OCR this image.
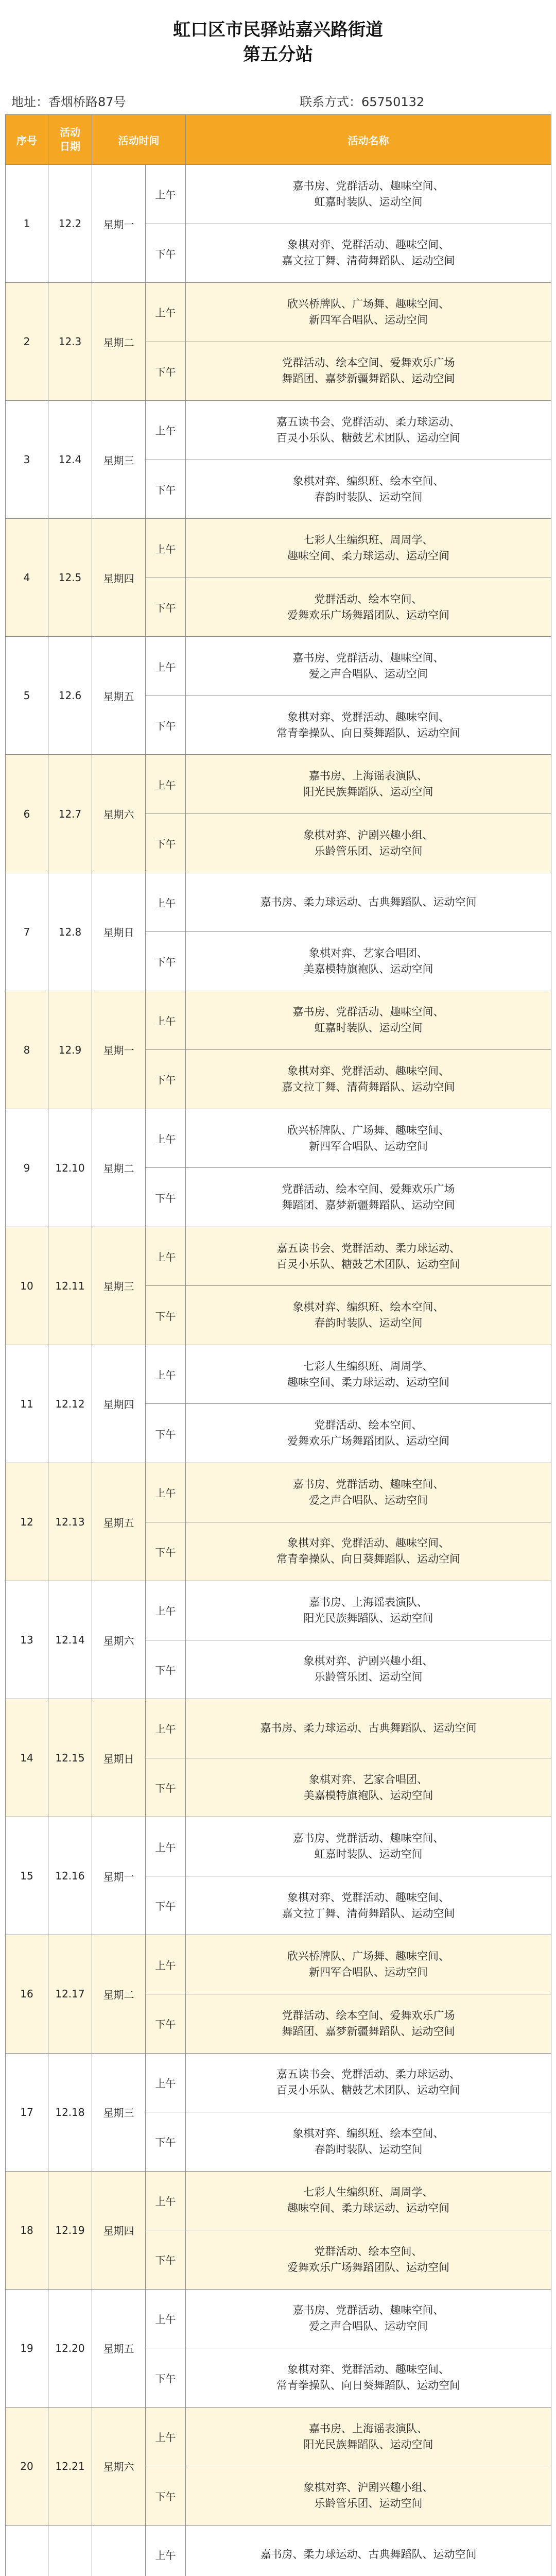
虹口区市民驿站嘉兴路街道
第五分站
地址：香烟桥路87号	联系方式：65750132
序号	活动日期	活动时间		活动名称
1	12.2	星期一	上午	嘉书房、党群活动、趣味空间、
虹嘉时装队、运动空间

			下午	象棋对弈、党群活动、趣味空间、
嘉文拉丁舞、清荷舞蹈队、运动空间

2	12.3	星期二	上午	欣兴桥牌队、广场舞、趣味空间、
新四军合唱队、运动空间

			下午	党群活动、绘本空间、爱舞欢乐广场
舞蹈团、嘉梦新疆舞蹈队、运动空间

3	12.4	星期三	上午	嘉五读书会、党群活动、柔力球运动、
百灵小乐队、糖鼓艺术团队、运动空间

			下午	象棋对弈、编织班、绘本空间、
春韵时装队、运动空间

4	12.5	星期四	上午	七彩人生编织班、周周学、
趣味空间、柔力球运动、运动空间

			下午	党群活动、绘本空间、
爱舞欢乐广场舞蹈团队、运动空间

5	12.6	星期五	上午	嘉书房、党群活动、趣味空间、
爱之声合唱队、运动空间

			下午	象棋对弈、党群活动、趣味空间、
常青拳操队、向日葵舞蹈队、运动空间

6	12.7	星期六	上午	嘉书房、上海谣表演队、
阳光民族舞蹈队、运动空间

			下午	象棋对弈、沪剧兴趣小组、
乐龄管乐团、运动空间

7	12.8	星期日	上午	嘉书房、柔力球运动、古典舞蹈队、运动空间

			下午	象棋对弈、艺家合唱团、
美嘉模特旗袍队、运动空间

8	12.9	星期一	上午	嘉书房、党群活动、趣味空间、
虹嘉时装队、运动空间

			下午	象棋对弈、党群活动、趣味空间、
嘉文拉丁舞、清荷舞蹈队、运动空间

9	12.10	星期二	上午	欣兴桥牌队、广场舞、趣味空间、
新四军合唱队、运动空间

			下午	党群活动、绘本空间、爱舞欢乐广场
舞蹈团、嘉梦新疆舞蹈队、运动空间

10	12.11	星期三	上午	嘉五读书会、党群活动、柔力球运动、
百灵小乐队、糖鼓艺术团队、运动空间

			下午	象棋对弈、编织班、绘本空间、
春韵时装队、运动空间

11	12.12	星期四	上午	七彩人生编织班、周周学、
趣味空间、柔力球运动、运动空间

			下午	党群活动、绘本空间、
爱舞欢乐广场舞蹈团队、运动空间

12	12.13	星期五	上午	嘉书房、党群活动、趣味空间、
爱之声合唱队、运动空间

			下午	象棋对弈、党群活动、趣味空间、
常青拳操队、向日葵舞蹈队、运动空间

13	12.14	星期六	上午	嘉书房、上海谣表演队、
阳光民族舞蹈队、运动空间

			下午	象棋对弈、沪剧兴趣小组、
乐龄管乐团、运动空间

14	12.15	星期日	上午	嘉书房、柔力球运动、古典舞蹈队、运动空间

			下午	象棋对弈、艺家合唱团、
美嘉模特旗袍队、运动空间

15	12.16	星期一	上午	嘉书房、党群活动、趣味空间、
虹嘉时装队、运动空间

			下午	象棋对弈、党群活动、趣味空间、
嘉文拉丁舞、清荷舞蹈队、运动空间

16	12.17	星期二	上午	欣兴桥牌队、广场舞、趣味空间、
新四军合唱队、运动空间

			下午	党群活动、绘本空间、爱舞欢乐广场
舞蹈团、嘉梦新疆舞蹈队、运动空间

17	12.18	星期三	上午	嘉五读书会、党群活动、柔力球运动、
百灵小乐队、糖鼓艺术团队、运动空间

			下午	象棋对弈、编织班、绘本空间、
春韵时装队、运动空间

18	12.19	星期四	上午	七彩人生编织班、周周学、
趣味空间、柔力球运动、运动空间

			下午	党群活动、绘本空间、
爱舞欢乐广场舞蹈团队、运动空间

19	12.20	星期五	上午	嘉书房、党群活动、趣味空间、
爱之声合唱队、运动空间

			下午	象棋对弈、党群活动、趣味空间、
常青拳操队、向日葵舞蹈队、运动空间

20	12.21	星期六	上午	嘉书房、上海谣表演队、
阳光民族舞蹈队、运动空间

			下午	象棋对弈、沪剧兴趣小组、
乐龄管乐团、运动空间

			上午	嘉书房、柔力球运动、古典舞蹈队、运动空间
